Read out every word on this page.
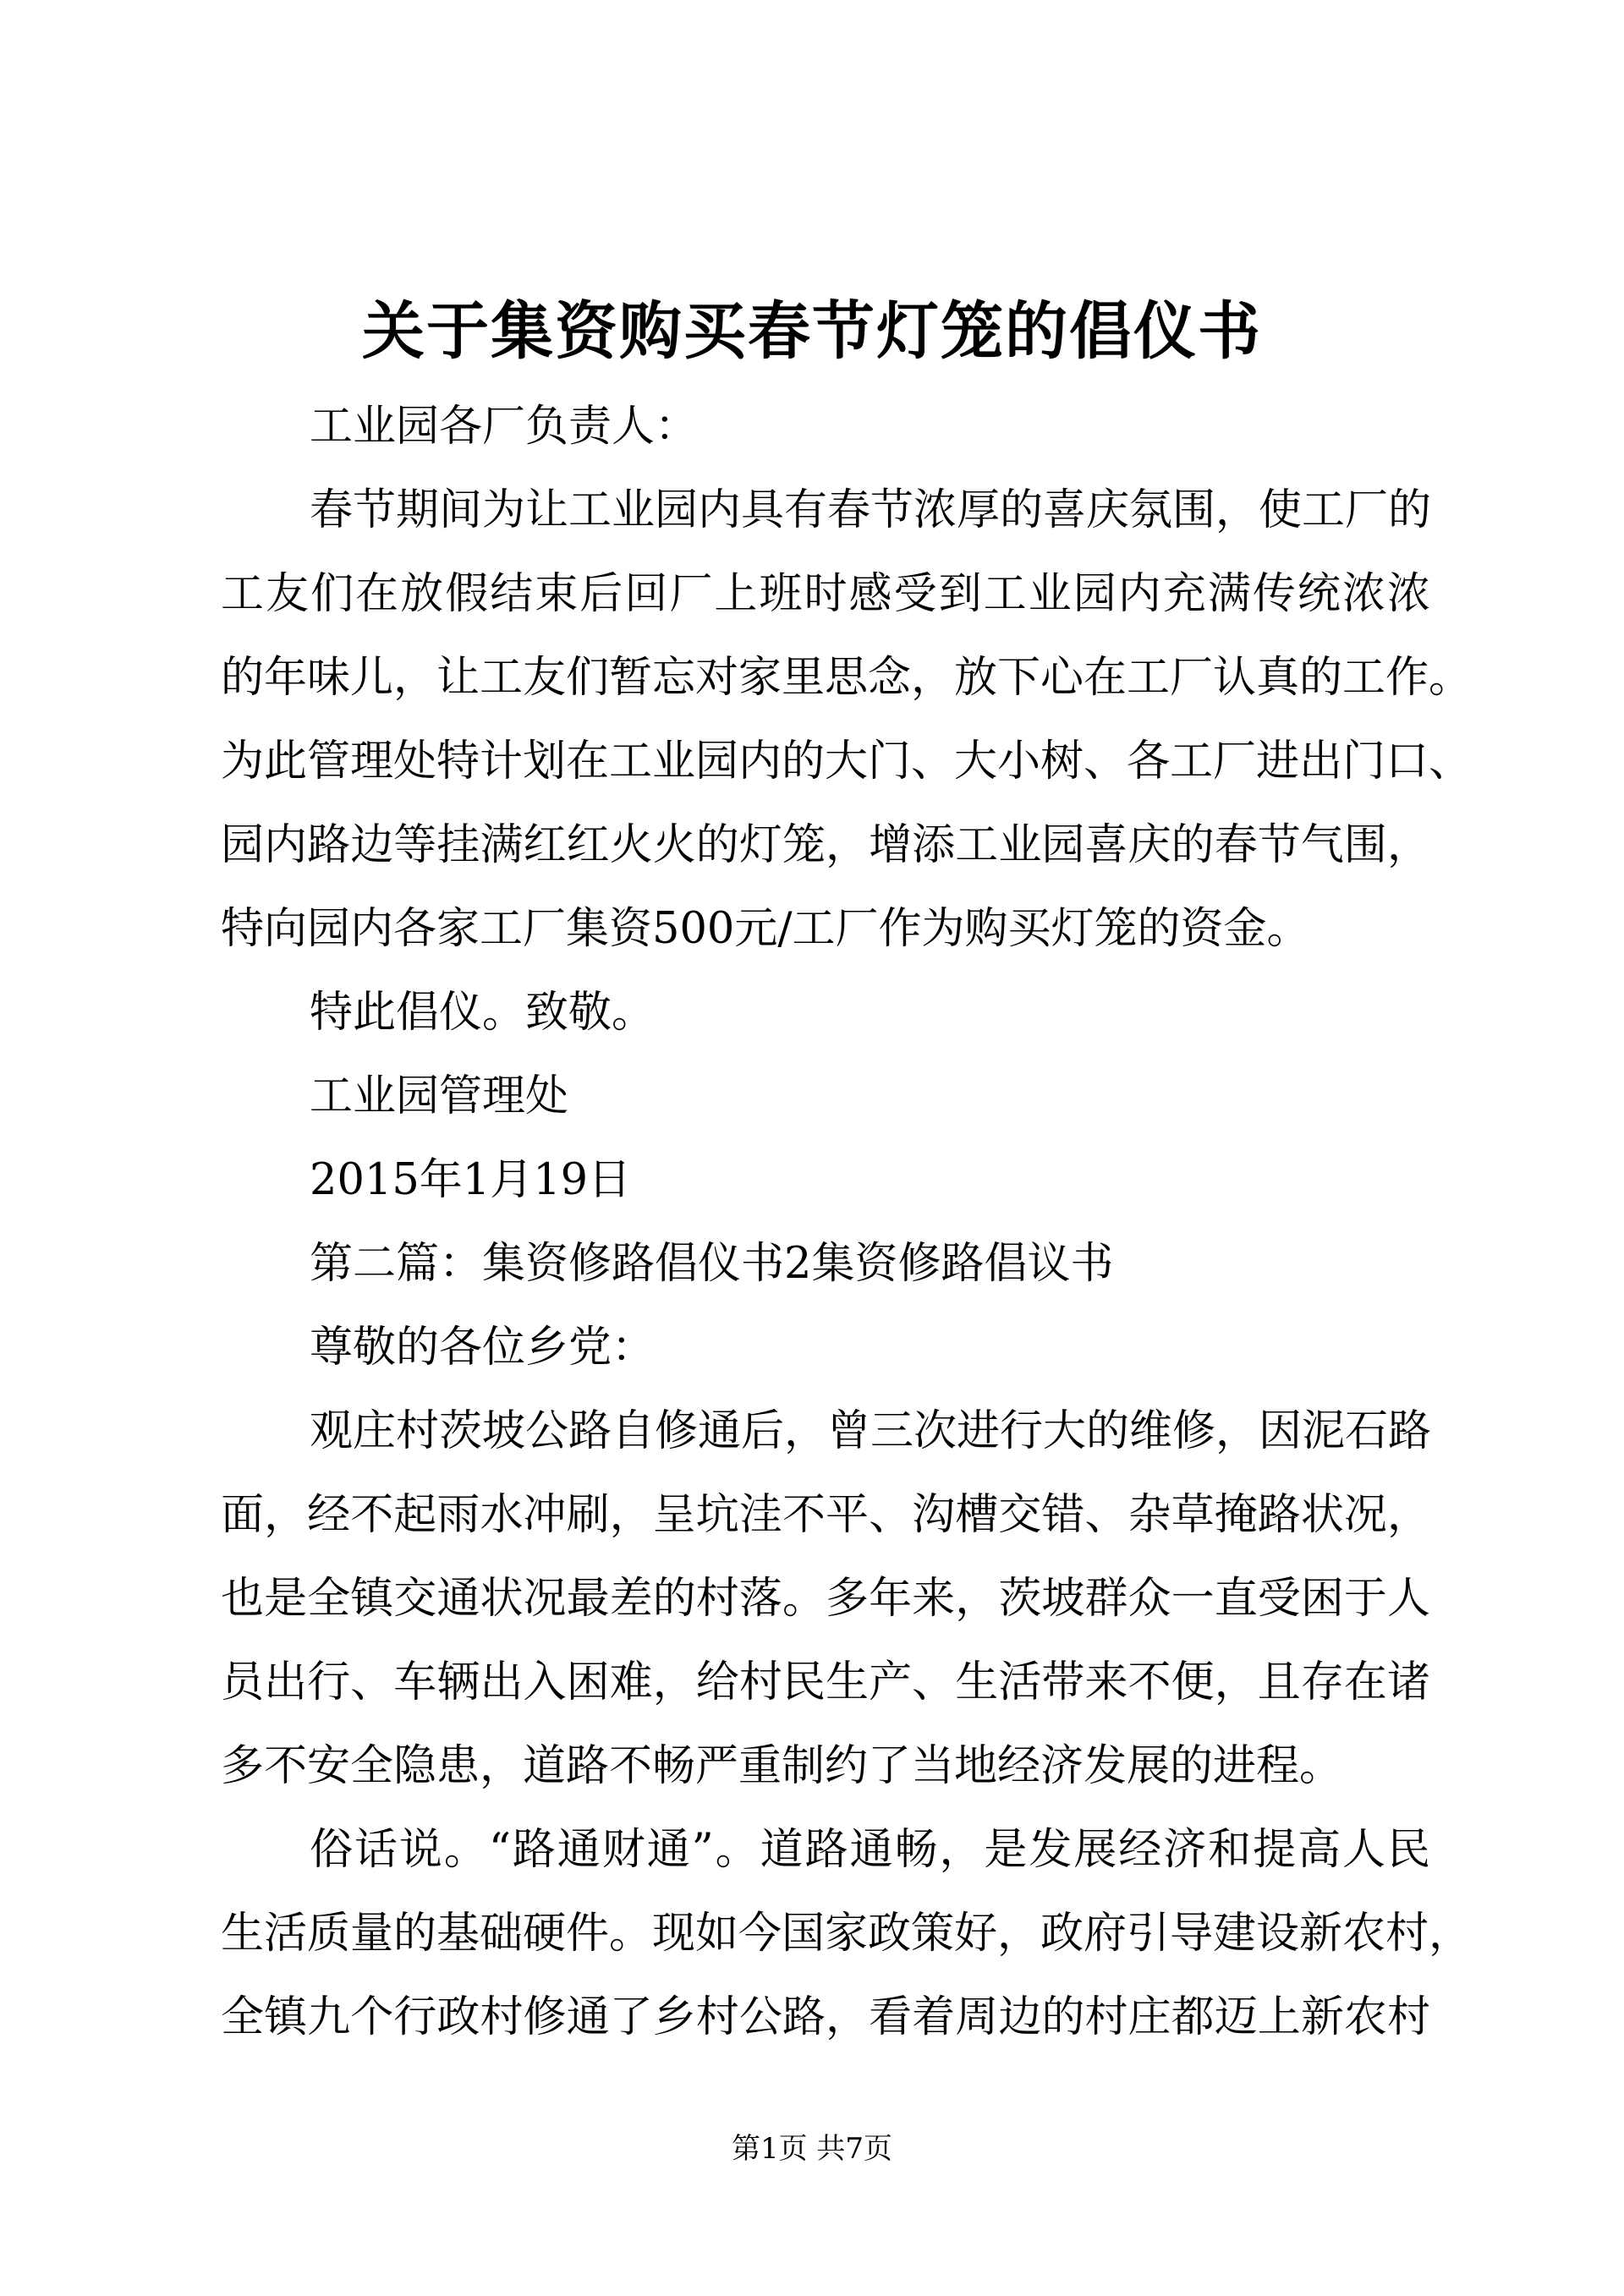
关于集资购买春节灯笼的倡仪书
工业园各厂负责人：
春节期间为让工业园内具有春节浓厚的喜庆氛围，使工厂的
工友们在放假结束后回厂上班时感受到工业园内充满传统浓浓
的年味儿，让工友们暂忘对家里思念，放下心在工厂认真的工作。
为此管理处特计划在工业园内的大门、大小树、各工厂进出门口、
园内路边等挂满红红火火的灯笼，增添工业园喜庆的春节气围，
特向园内各家工厂集资500元/工厂作为购买灯笼的资金。
特此倡仪。致敬。
工业园管理处
2015年1月19日
第二篇：集资修路倡仪书2集资修路倡议书
尊敬的各位乡党：
观庄村茨坡公路自修通后，曾三次进行大的维修，因泥石路
面，经不起雨水冲刷，呈坑洼不平、沟槽交错、杂草掩路状况，
也是全镇交通状况最差的村落。多年来，茨坡群众一直受困于人
员出行、车辆出入困难，给村民生产、生活带来不便，且存在诸
多不安全隐患，道路不畅严重制约了当地经济发展的进程。
俗话说。“路通财通”。道路通畅，是发展经济和提高人民
生活质量的基础硬件。现如今国家政策好，政府引导建设新农村，
全镇九个行政村修通了乡村公路，看着周边的村庄都迈上新农村
第1页 共7页
